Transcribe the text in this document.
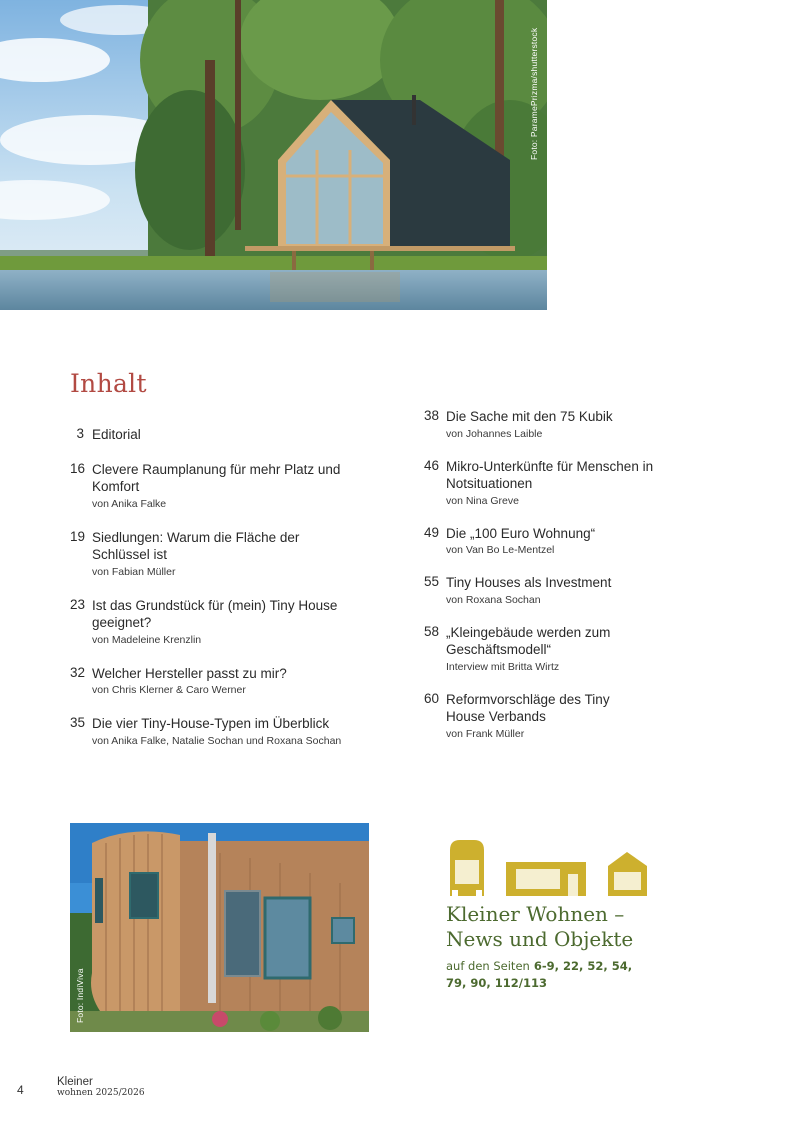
Foto: ParamePrizma/shutterstock
Inhalt
3 Editorial
16 Clevere Raumplanung für mehr Platz und Komfort
von Anika Falke
19 Siedlungen: Warum die Fläche der Schlüssel ist
von Fabian Müller
23 Ist das Grundstück für (mein) Tiny House geeignet?
von Madeleine Krenzlin
32 Welcher Hersteller passt zu mir?
von Chris Klerner & Caro Werner
35 Die vier Tiny-House-Typen im Überblick
von Anika Falke, Natalie Sochan und Roxana Sochan
38 Die Sache mit den 75 Kubik
von Johannes Laible
46 Mikro-Unterkünfte für Menschen in Notsituationen
von Nina Greve
49 Die „100 Euro Wohnung“
von Van Bo Le-Mentzel
55 Tiny Houses als Investment
von Roxana Sochan
58 „Kleingebäude werden zum Geschäftsmodell“
Interview mit Britta Wirtz
60 Reformvorschläge des Tiny House Verbands
von Frank Müller
Foto: IndiViva
Kleiner Wohnen –
News und Objekte
auf den Seiten 6-9, 22, 52, 54, 79, 90, 112/113
4
Kleiner
wohnen 2025/2026
